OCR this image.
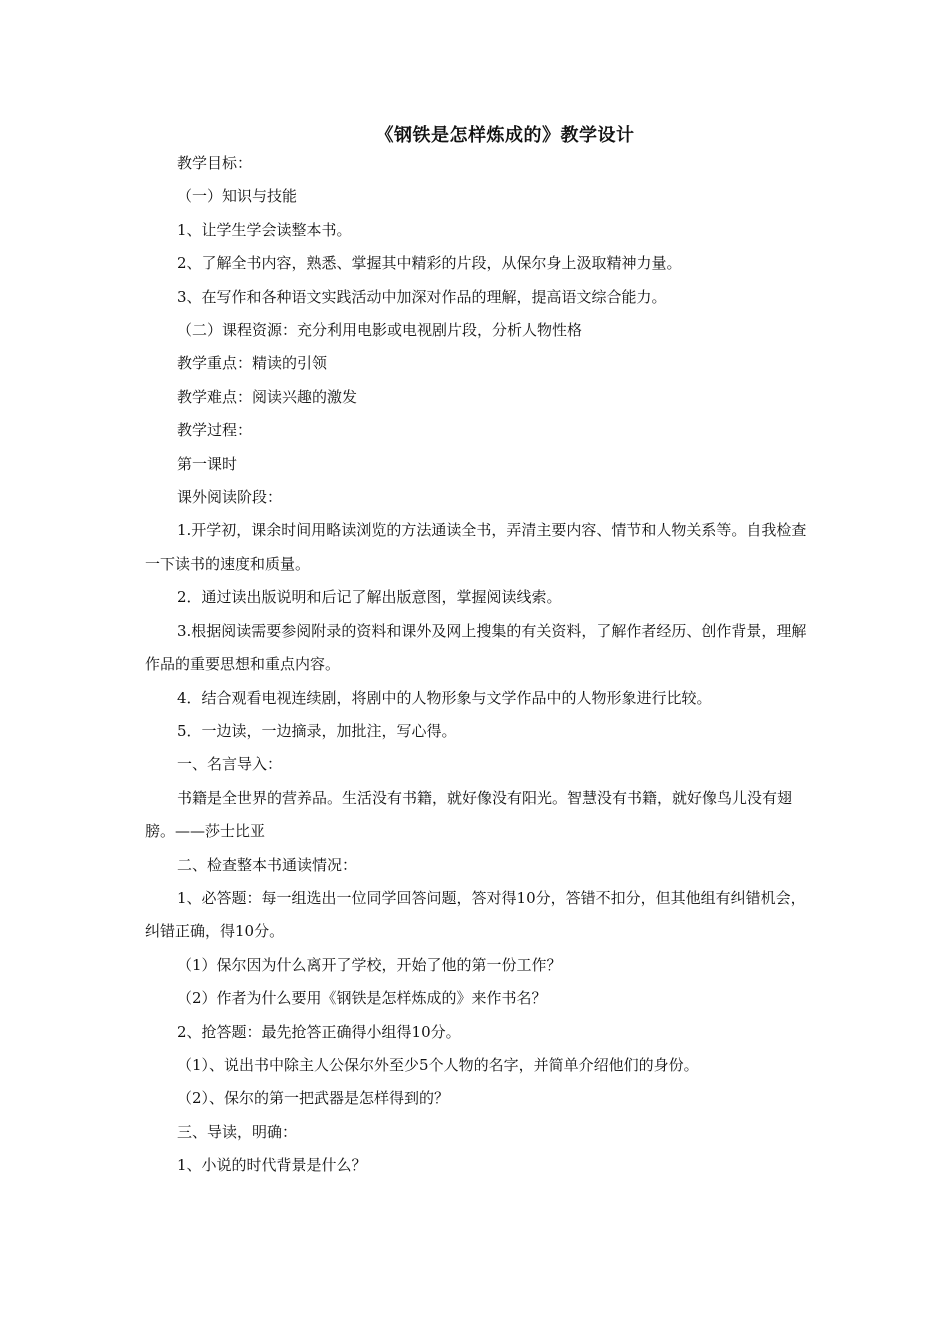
《钢铁是怎样炼成的》教学设计

教学目标：

（一）知识与技能

1、让学生学会读整本书。

2、了解全书内容，熟悉、掌握其中精彩的片段，从保尔身上汲取精神力量。

3、在写作和各种语文实践活动中加深对作品的理解，提高语文综合能力。

（二）课程资源：充分利用电影或电视剧片段，分析人物性格

教学重点：精读的引领

教学难点：阅读兴趣的激发

教学过程：

第一课时

课外阅读阶段：

1.开学初，课余时间用略读浏览的方法通读全书，弄清主要内容、情节和人物关系等。自我检查一下读书的速度和质量。

2．通过读出版说明和后记了解出版意图，掌握阅读线索。

3.根据阅读需要参阅附录的资料和课外及网上搜集的有关资料，了解作者经历、创作背景，理解作品的重要思想和重点内容。

4．结合观看电视连续剧，将剧中的人物形象与文学作品中的人物形象进行比较。

5．一边读，一边摘录，加批注，写心得。

一、名言导入：

书籍是全世界的营养品。生活没有书籍，就好像没有阳光。智慧没有书籍，就好像鸟儿没有翅膀。——莎士比亚

二、检查整本书通读情况：

1、必答题：每一组选出一位同学回答问题，答对得10分，答错不扣分，但其他组有纠错机会，纠错正确，得10分。

（1）保尔因为什么离开了学校，开始了他的第一份工作？

（2）作者为什么要用《钢铁是怎样炼成的》来作书名？

2、抢答题：最先抢答正确得小组得10分。

（1）、说出书中除主人公保尔外至少5个人物的名字，并简单介绍他们的身份。

（2）、保尔的第一把武器是怎样得到的？

三、导读，明确：

1、小说的时代背景是什么？
